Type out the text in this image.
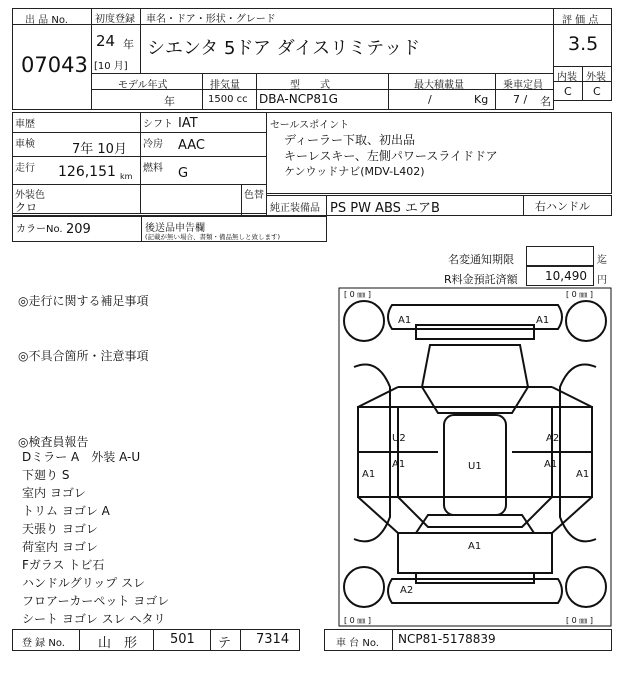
出 品 No.
07043
初度登録 車名・ドア・形状・グレード
24 年
[10 月]
シエンタ 5ドア ダイスリミテッド
評 価 点
3.5
内装 外装
C C
モデル年式	排気量	型　　式	最大積載量	乗車定員
年	1500 cc DBA-NCP81G	/	Kg 7 / 名
車歴
車検	7年 10月
走行 126,151 km
シフト IAT
冷房 AAC
燃料 G
外装色
クロ
色替
カラーNo. 209	後送品申告欄
(記載が無い場合、書類・備品無しと致します)
セールスポイント
ディーラー下取、初出品
キーレスキー、左側パワースライドドア
ケンウッドナビ(MDV-L402)
純正装備品 PS PW ABS エアB	右ハンドル
名変通知期限	迄
R料金預託済額 10,490 円
◎走行に関する補足事項
◎不具合箇所・注意事項
◎検査員報告
Dミラー A　外装 A-U
下廻り S
室内 ヨゴレ
トリム ヨゴレ A
天張り ヨゴレ
荷室内 ヨゴレ
Fガラス トビ石
ハンドルグリップ スレ
フロアーカーペット ヨゴレ
シート ヨゴレ スレ ヘタリ
[ 0 ㎜ ]	[ 0 ㎜ ]
[ 0 ㎜ ]	[ 0 ㎜ ]
A1	A1
U2
A1
A1
U1
A2
A1
A1
A1
A2
登 録 No.	山　形	501 テ 7314	車 台 No. NCP81-5178839
